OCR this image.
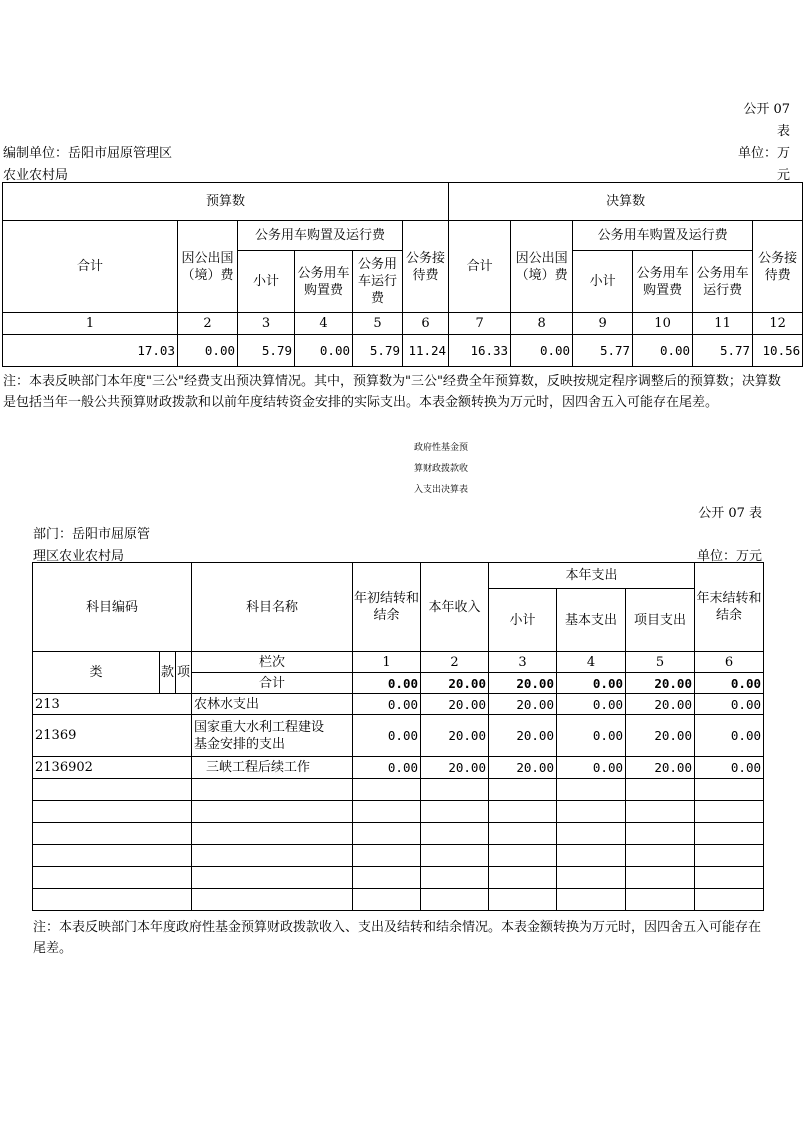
公开 07
表
编制单位：岳阳市屈原管理区
农业农村局
单位：万
元
预算数						决算数					
合计	因公出国（境）费	公务用车购置及运行费			公务接待费	合计	因公出国（境）费	公务用车购置及运行费			公务接待费
		小计	公务用车购置费	公务用车运行费				小计	公务用车购置费	公务用车运行费	
1	2	3	4	5	6	7	8	9	10	11	12
17.03	0.00	5.79	0.00	5.79	11.24	16.33	0.00	5.77	0.00	5.77	10.56
注：本表反映部门本年度"三公"经费支出预决算情况。其中，预算数为"三公"经费全年预算数，反映按规定程序调整后的预算数；决算数是包括当年一般公共预算财政拨款和以前年度结转资金安排的实际支出。本表金额转换为万元时，因四舍五入可能存在尾差。
政府性基金预
算财政拨款收
入支出决算表
公开 07 表
部门：岳阳市屈原管
理区农业农村局	单位：万元
科目编码			科目名称	年初结转和结余	本年收入	本年支出			年末结转和结余
						小计	基本支出	项目支出	
类	款	项	栏次	1	2	3	4	5	6
			合计	0.00	20.00	20.00	0.00	20.00	0.00
213			农林水支出	0.00	20.00	20.00	0.00	20.00	0.00
21369			国家重大水利工程建设
基金安排的支出	0.00	20.00	20.00	0.00	20.00	0.00
2136902			三峡工程后续工作	0.00	20.00	20.00	0.00	20.00	0.00

注：本表反映部门本年度政府性基金预算财政拨款收入、支出及结转和结余情况。本表金额转换为万元时，因四舍五入可能存在尾差。
